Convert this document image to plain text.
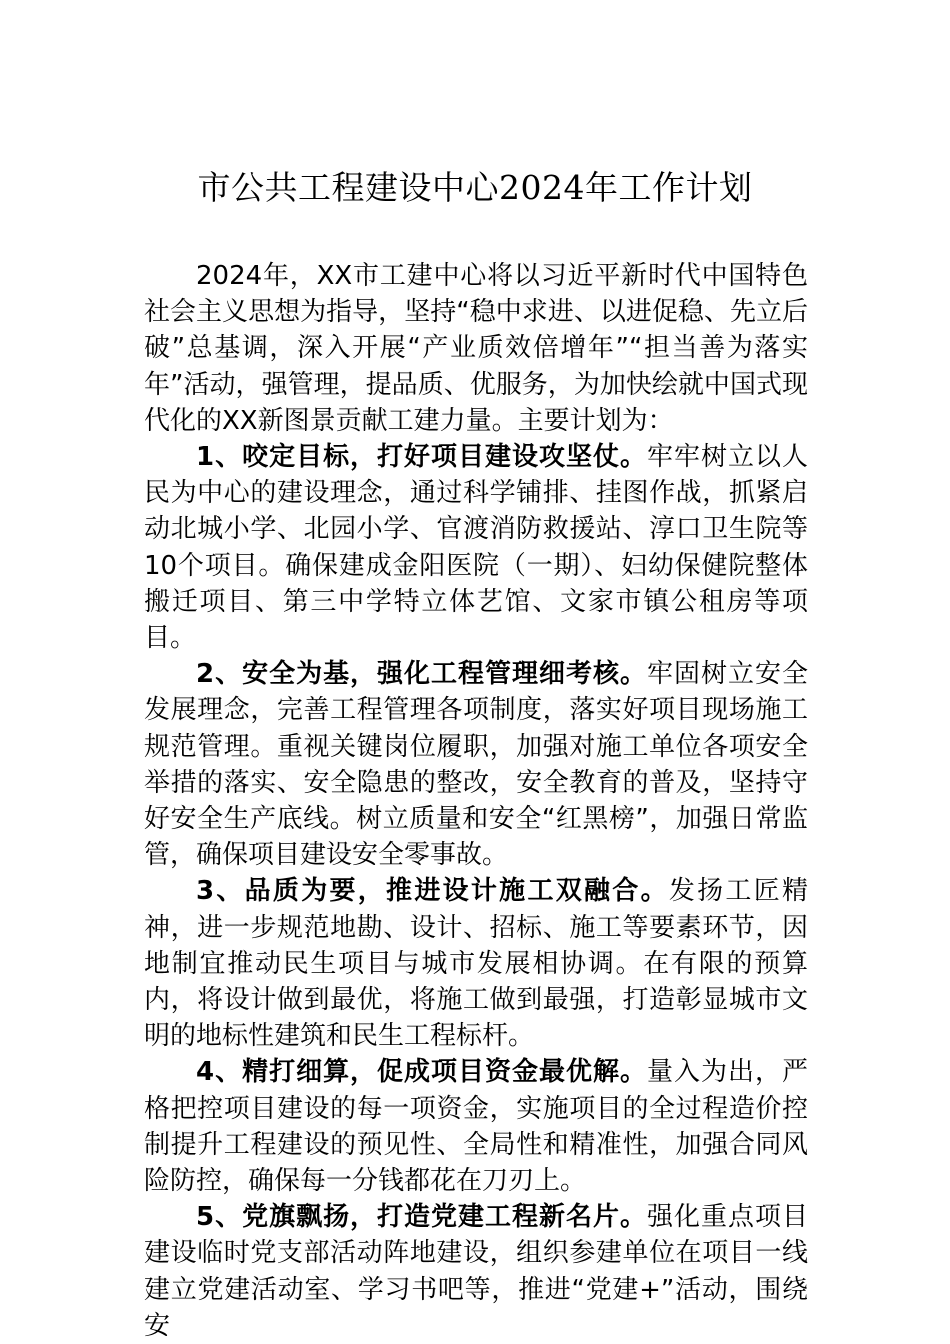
市公共工程建设中心2024年工作计划

2024年，XX市工建中心将以习近平新时代中国特色社会主义思想为指导，坚持“稳中求进、以进促稳、先立后破”总基调，深入开展“产业质效倍增年”“担当善为落实年”活动，强管理，提品质、优服务，为加快绘就中国式现代化的XX新图景贡献工建力量。主要计划为：

1、咬定目标，打好项目建设攻坚仗。牢牢树立以人民为中心的建设理念，通过科学铺排、挂图作战，抓紧启动北城小学、北园小学、官渡消防救援站、淳口卫生院等10个项目。确保建成金阳医院（一期）、妇幼保健院整体搬迁项目、第三中学特立体艺馆、文家市镇公租房等项目。

2、安全为基，强化工程管理细考核。牢固树立安全发展理念，完善工程管理各项制度，落实好项目现场施工规范管理。重视关键岗位履职，加强对施工单位各项安全举措的落实、安全隐患的整改，安全教育的普及，坚持守好安全生产底线。树立质量和安全“红黑榜”，加强日常监管，确保项目建设安全零事故。

3、品质为要，推进设计施工双融合。发扬工匠精神，进一步规范地勘、设计、招标、施工等要素环节，因地制宜推动民生项目与城市发展相协调。在有限的预算内，将设计做到最优，将施工做到最强，打造彰显城市文明的地标性建筑和民生工程标杆。

4、精打细算，促成项目资金最优解。量入为出，严格把控项目建设的每一项资金，实施项目的全过程造价控制提升工程建设的预见性、全局性和精准性，加强合同风险防控，确保每一分钱都花在刀刃上。

5、党旗飘扬，打造党建工程新名片。强化重点项目建设临时党支部活动阵地建设，组织参建单位在项目一线建立党建活动室、学习书吧等，推进“党建+”活动，围绕安
